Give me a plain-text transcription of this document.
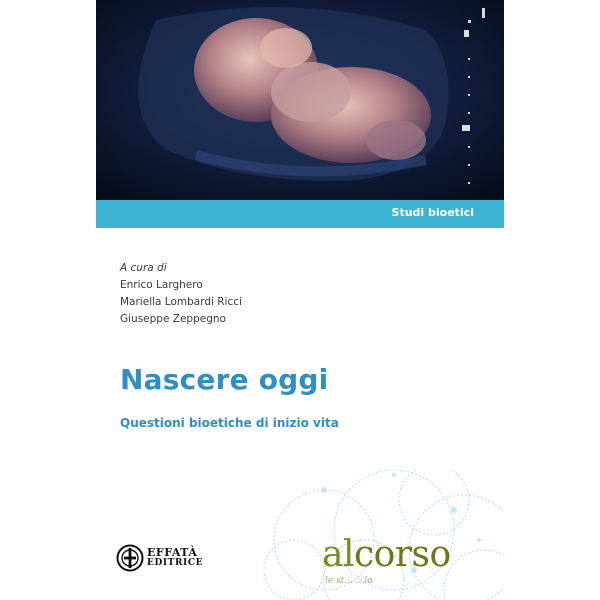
Studi bioetici
A cura di
Enrico Larghero
Mariella Lombardi Ricci
Giuseppe Zeppegno
Nascere oggi

Questioni bioetiche di inizio vita

EFFATÀ
EDITRICE	alcorso
le st... ...lo
